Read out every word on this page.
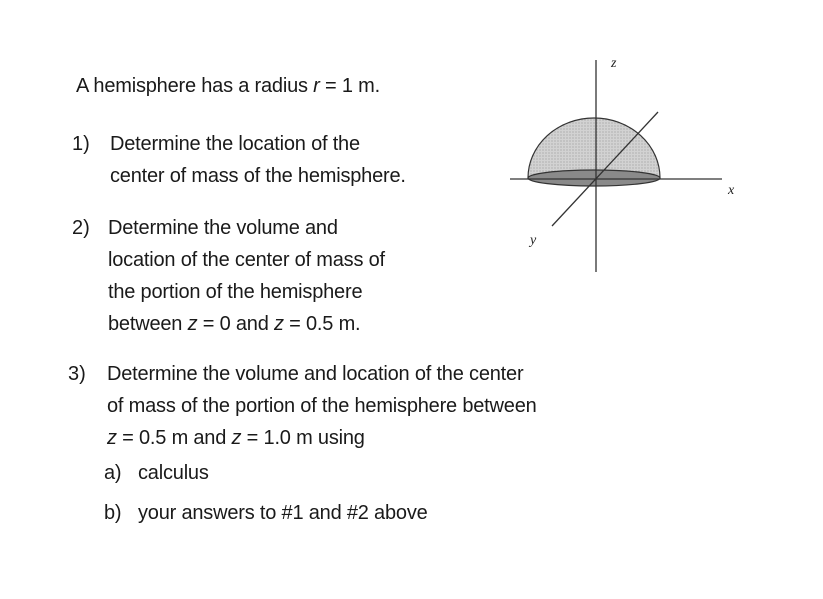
A hemisphere has a radius r = 1 m.
1) Determine the location of the
center of mass of the hemisphere.
2) Determine the volume and
location of the center of mass of
the portion of the hemisphere
between z = 0 and z = 0.5 m.
3) Determine the volume and location of the center
of mass of the portion of the hemisphere between
z = 0.5 m and z = 1.0 m using
a) calculus
b) your answers to #1 and #2 above
z
x
y
